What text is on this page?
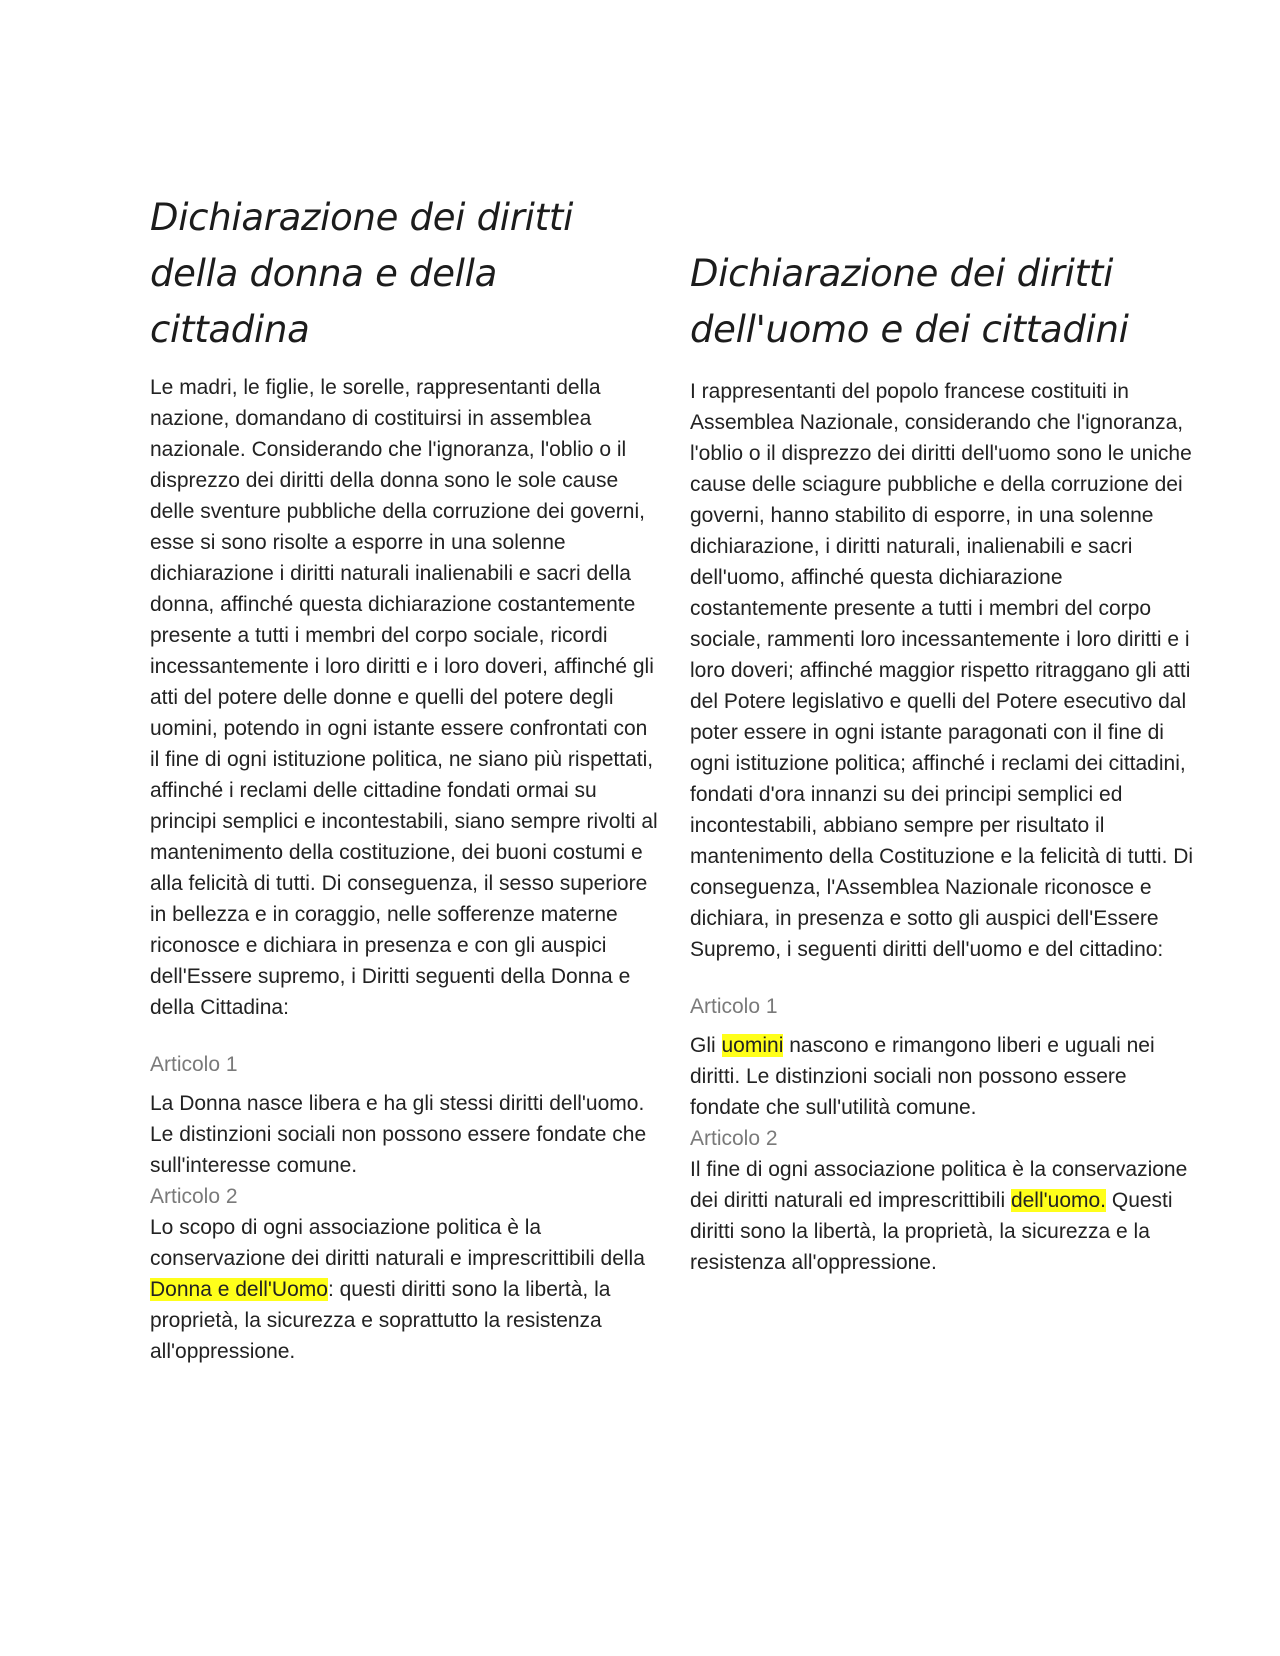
Dichiarazione dei diritti della donna e della cittadina

Le madri, le figlie, le sorelle, rappresentanti della nazione, domandano di costituirsi in assemblea nazionale. Considerando che l'ignoranza, l'oblio o il disprezzo dei diritti della donna sono le sole cause delle sventure pubbliche della corruzione dei governi, esse si sono risolte a esporre in una solenne dichiarazione i diritti naturali inalienabili e sacri della donna, affinché questa dichiarazione costantemente presente a tutti i membri del corpo sociale, ricordi incessantemente i loro diritti e i loro doveri, affinché gli atti del potere delle donne e quelli del potere degli uomini, potendo in ogni istante essere confrontati con il fine di ogni istituzione politica, ne siano più rispettati, affinché i reclami delle cittadine fondati ormai su principi semplici e incontestabili, siano sempre rivolti al mantenimento della costituzione, dei buoni costumi e alla felicità di tutti. Di conseguenza, il sesso superiore in bellezza e in coraggio, nelle sofferenze materne riconosce e dichiara in presenza e con gli auspici dell'Essere supremo, i Diritti seguenti della Donna e della Cittadina:

Articolo 1

La Donna nasce libera e ha gli stessi diritti dell'uomo. Le distinzioni sociali non possono essere fondate che sull'interesse comune.

Articolo 2

Lo scopo di ogni associazione politica è la conservazione dei diritti naturali e imprescrittibili della Donna e dell'Uomo: questi diritti sono la libertà, la proprietà, la sicurezza e soprattutto la resistenza all'oppressione.

Dichiarazione dei diritti dell'uomo e dei cittadini

I rappresentanti del popolo francese costituiti in Assemblea Nazionale, considerando che l'ignoranza, l'oblio o il disprezzo dei diritti dell'uomo sono le uniche cause delle sciagure pubbliche e della corruzione dei governi, hanno stabilito di esporre, in una solenne dichiarazione, i diritti naturali, inalienabili e sacri dell'uomo, affinché questa dichiarazione costantemente presente a tutti i membri del corpo sociale, rammenti loro incessantemente i loro diritti e i loro doveri; affinché maggior rispetto ritraggano gli atti del Potere legislativo e quelli del Potere esecutivo dal poter essere in ogni istante paragonati con il fine di ogni istituzione politica; affinché i reclami dei cittadini, fondati d'ora innanzi su dei principi semplici ed incontestabili, abbiano sempre per risultato il mantenimento della Costituzione e la felicità di tutti. Di conseguenza, l'Assemblea Nazionale riconosce e dichiara, in presenza e sotto gli auspici dell'Essere Supremo, i seguenti diritti dell'uomo e del cittadino:

Articolo 1

Gli uomini nascono e rimangono liberi e uguali nei diritti. Le distinzioni sociali non possono essere fondate che sull'utilità comune.

Articolo 2

Il fine di ogni associazione politica è la conservazione dei diritti naturali ed imprescrittibili dell'uomo. Questi diritti sono la libertà, la proprietà, la sicurezza e la resistenza all'oppressione.
